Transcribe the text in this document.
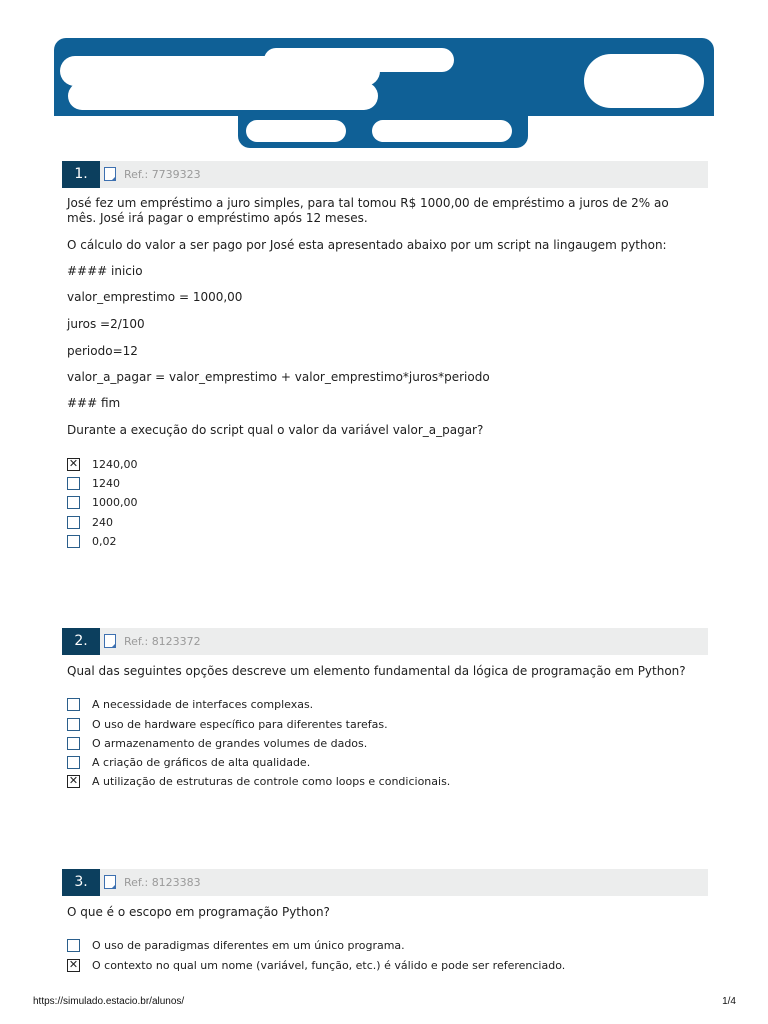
1.	Ref.: 7739323
José fez um empréstimo a juro simples, para tal tomou R$ 1000,00 de empréstimo a juros de 2% ao mês. José irá pagar o empréstimo após 12 meses.
O cálculo do valor a ser pago por José esta apresentado abaixo por um script na lingaugem python:
#### inicio
valor_emprestimo = 1000,00
juros =2/100
periodo=12
valor_a_pagar = valor_emprestimo + valor_emprestimo*juros*periodo
### fim
Durante a execução do script qual o valor da variável valor_a_pagar?
✕
1240,00
1240
1000,00
240
0,02
2.	Ref.: 8123372
Qual das seguintes opções descreve um elemento fundamental da lógica de programação em Python?
A necessidade de interfaces complexas.
O uso de hardware específico para diferentes tarefas.
O armazenamento de grandes volumes de dados.
A criação de gráficos de alta qualidade.
✕
A utilização de estruturas de controle como loops e condicionais.
3.	Ref.: 8123383
O que é o escopo em programação Python?
O uso de paradigmas diferentes em um único programa.
✕
O contexto no qual um nome (variável, função, etc.) é válido e pode ser referenciado.
https://simulado.estacio.br/alunos/	1/4
